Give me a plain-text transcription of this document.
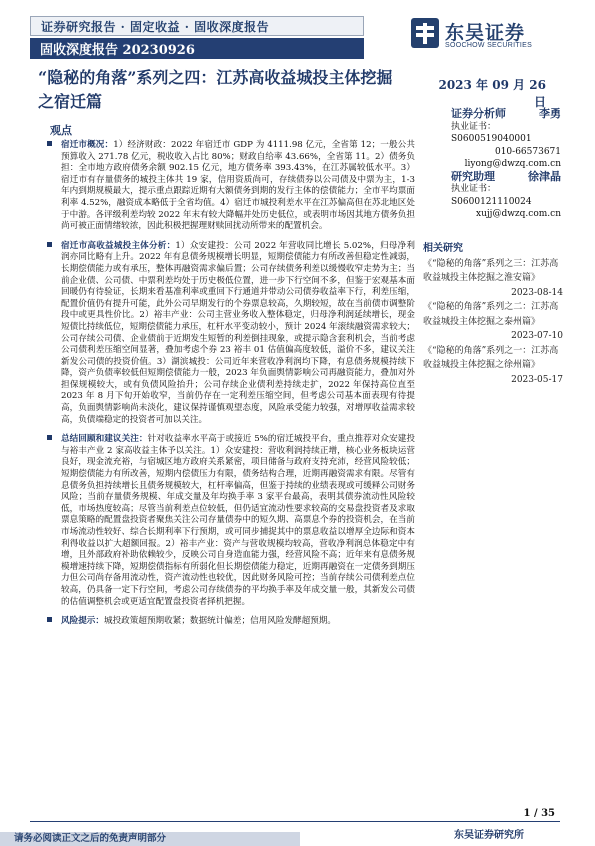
证券研究报告 · 固定收益 · 固收深度报告
固收深度报告 20230926
东吴证券
SOOCHOW SECURITIES
“隐秘的角落”系列之四：江苏高收益城投主体挖掘之宿迁篇
2023 年 09 月 26 日
证券分析师	李勇
执业证书：S0600519040001
010-66573671
liyong@dwzq.com.cn
研究助理	徐津晶
执业证书：S0600121110024
xujj@dwzq.com.cn
相关研究
《“隐秘的角落”系列之三：江苏高收益城投主体挖掘之淮安篇》
2023-08-14
《“隐秘的角落”系列之二：江苏高收益城投主体挖掘之泰州篇》
2023-07-10
《“隐秘的角落”系列之一：江苏高收益城投主体挖掘之徐州篇》
2023-05-17
观点
宿迁市概况：1）经济财政：2022 年宿迁市 GDP 为 4111.98 亿元，全省第 12；一般公共预算收入 271.78 亿元，税收收入占比 80%；财政自给率 43.66%，全省第 11。2）债务负担：全市地方政府债务余额 902.15 亿元，地方债务率 393.43%，在江苏属较低水平。3）宿迁市有存量债务的城投主体共 19 家，信用资质尚可，存续债券以公司债及中票为主，1-3 年内到期规模最大，提示重点跟踪近期有大额债务到期的发行主体的偿债能力；全市平均票面利率 4.52%，融资成本略低于全省均值。4）宿迁市城投利差水平在江苏偏高但在苏北地区处于中游。各评级利差均较 2022 年末有较大降幅并处历史低位，或表明市场因其地方债务负担尚可被正面情绪较浓，因此积极把握理财赎回扰动所带来的配置机会。
宿迁市高收益城投主体分析：1）众安建投：公司 2022 年营收同比增长 5.02%，归母净利润亦同比略有上升。2022 年有息债务规模增长明显，短期偿债能力有所改善但稳定性减弱，长期偿债能力或有承压，整体再融资需求偏后置；公司存续债务利差以缓慢收窄走势为主；当前企业债、公司债、中票利差均处于历史极低位置，进一步下行空间不多，但鉴于宏观基本面回暖仍有待验证，长期来看基准利率或重回下行通道并带动公司债券收益率下行，利差压缩，配置价值仍有提升可能，此外公司早期发行的个券票息较高，久期较短，故在当前债市调整阶段中或更具性价比。2）裕丰产业：公司主营业务收入整体稳定，归母净利润延续增长，现金短债比持续低位，短期偿债能力承压，杠杆水平变动较小，预计 2024 年滚续融资需求较大；公司存续公司债、企业债前于近期发生短暂的利差倒挂现象，或提示隐含套利机会，当前考虑公司债利差压缩空间显著，叠加考虑个券 23 裕丰 01 估值偏高度较低，溢价不多，建议关注新发公司债的投资价值。3）湖滨城投：公司近年来营收净利润均下降，有息债务规模持续下降，资产负债率较低但短期偿债能力一般，2023 年负面舆情影响公司再融资能力，叠加对外担保规模较大，或有负债风险抬升；公司存续企业债利差持续走扩，2022 年保持高位直至 2023 年 8 月下旬开始收窄，当前仍存在一定利差压缩空间，但考虑公司基本面表现有待提高，负面舆情影响尚未淡化，建议保持谨慎观望态度，风险承受能力较强，对增厚收益需求较高，负债端稳定的投资者可加以关注。
总结回顾和建议关注：针对收益率水平高于或接近 5%的宿迁城投平台，重点推荐对众安建投与裕丰产业 2 家高收益主体予以关注。1）众安建投：营收利润持续正增，核心业务板块运营良好，现金流充裕，与宿城区地方政府关系紧密，项目储备与政府支持充沛，经营风险较低；短期偿债能力有所改善，短期内偿债压力有限，债务结构合理，近期再融资需求有限。尽管有息债务负担持续增长且债务规模较大，杠杆率偏高，但鉴于持续的业绩表现或可缓释公司财务风险；当前存量债务规模、年成交量及年均换手率 3 家平台最高，表明其债券流动性风险较低，市场热度较高；尽管当前利差点位较低，但仍适宜流动性要求较高的交易盘投资者及求取票息策略的配置盘投资者聚焦关注公司存量债券中的短久期、高票息个券的投资机会，在当前市场流动性较好、综合长期利率下行预期，或可同步捕捉其中的票息收益以增厚全边际和资本利得收益以扩大超额回报。2）裕丰产业：资产与营收规模均较高，营收净利润总体稳定中有增，且外部政府补助依赖较少，反映公司自身造血能力强，经营风险不高；近年来有息债务规模增速持续下降，短期偿债指标有所弱化但长期偿债能力稳定，近期再融资在一定债务到期压力但公司尚存备用流动性，资产流动性也较优，因此财务风险可控；当前存续公司债利差点位较高，仍具备一定下行空间，考虑公司存续债券的平均换手率及年成交量一般，其新发公司债的估值调整机会或更适宜配置盘投资者择机把握。
风险提示：城投政策超预期收紧；数据统计偏差；信用风险发酵超预期。
1 / 35
东吴证券研究所
请务必阅读正文之后的免责声明部分
